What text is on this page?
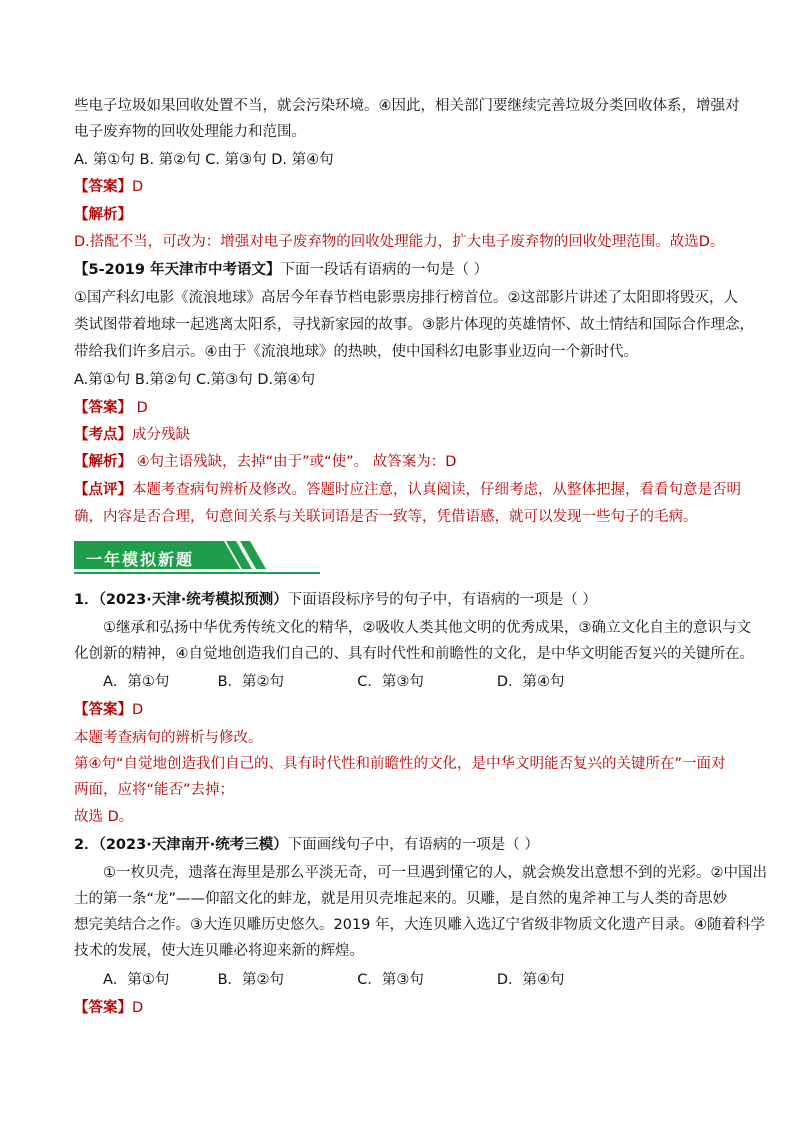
些电子垃圾如果回收处置不当，就会污染环境。④因此，相关部门要继续完善垃圾分类回收体系，增强对
电子废弃物的回收处理能力和范围。
A. 第①句 B. 第②句 C. 第③句 D. 第④句
【答案】D
【解析】
D.搭配不当，可改为：增强对电子废弃物的回收处理能力，扩大电子废弃物的回收处理范围。故选D。
【5-2019 年天津市中考语文】下面一段话有语病的一句是（ ）
①国产科幻电影《流浪地球》高居今年春节档电影票房排行榜首位。②这部影片讲述了太阳即将毁灭，人
类试图带着地球一起逃离太阳系，寻找新家园的故事。③影片体现的英雄情怀、故土情结和国际合作理念，
带给我们许多启示。④由于《流浪地球》的热映，使中国科幻电影事业迈向一个新时代。
A.第①句 B.第②句 C.第③句 D.第④句
【答案】 D
【考点】成分残缺
【解析】 ④句主语残缺，去掉“由于”或“使”。 故答案为：D
【点评】本题考查病句辨析及修改。答题时应注意，认真阅读，仔细考虑，从整体把握，看看句意是否明
确，内容是否合理，句意间关系与关联词语是否一致等，凭借语感，就可以发现一些句子的毛病。
一年模拟新题
1．（2023·天津·统考模拟预测）下面语段标序号的句子中，有语病的一项是（ ）
①继承和弘扬中华优秀传统文化的精华，②吸收人类其他文明的优秀成果，③确立文化自主的意识与文
化创新的精神，④自觉地创造我们自己的、具有时代性和前瞻性的文化，是中华文明能否复兴的关键所在。
A．第①句	B．第②句	C．第③句	D．第④句
【答案】D
本题考查病句的辨析与修改。
第④句“自觉地创造我们自己的、具有时代性和前瞻性的文化，是中华文明能否复兴的关键所在”一面对
两面，应将“能否”去掉；
故选 D。
2．（2023·天津南开·统考三模）下面画线句子中，有语病的一项是（ ）
①一枚贝壳，遗落在海里是那么平淡无奇，可一旦遇到懂它的人，就会焕发出意想不到的光彩。②中国出
土的第一条“龙”——仰韶文化的蚌龙，就是用贝壳堆起来的。贝雕，是自然的鬼斧神工与人类的奇思妙
想完美结合之作。③大连贝雕历史悠久。2019 年，大连贝雕入选辽宁省级非物质文化遗产目录。④随着科学
技术的发展，使大连贝雕必将迎来新的辉煌。
A．第①句	B．第②句	C．第③句	D．第④句
【答案】D
